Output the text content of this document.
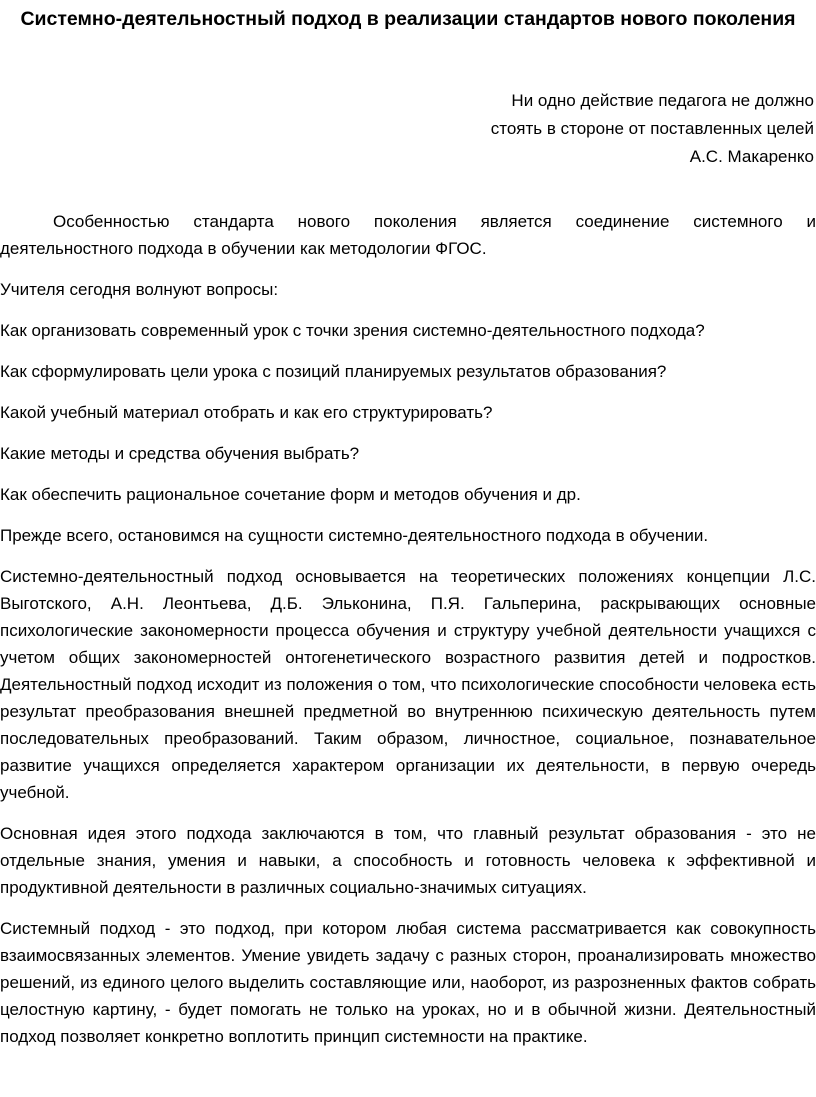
Системно-деятельностный подход в реализации стандартов нового поколения
Ни одно действие педагога не должно
стоять в стороне от поставленных целей
А.С. Макаренко

Особенностью стандарта нового поколения является соединение системного и деятельностного подхода в обучении как методологии ФГОС.

Учителя сегодня волнуют вопросы:

Как организовать современный урок с точки зрения системно-деятельностного подхода?

Как сформулировать цели урока с позиций планируемых результатов образования?

Какой учебный материал отобрать и как его структурировать?

Какие методы и средства обучения выбрать?

Как обеспечить рациональное сочетание форм и методов обучения и др.

Прежде всего, остановимся на сущности системно-деятельностного подхода в обучении.

Системно-деятельностный подход основывается на теоретических положениях концепции Л.С. Выготского, А.Н. Леонтьева, Д.Б. Эльконина, П.Я. Гальперина, раскрывающих основные психологические закономерности процесса обучения и структуру учебной деятельности учащихся с учетом общих закономерностей онтогенетического возрастного развития детей и подростков. Деятельностный подход исходит из положения о том, что психологические способности человека есть результат преобразования внешней предметной во внутреннюю психическую деятельность путем последовательных преобразований. Таким образом, личностное, социальное, познавательное развитие учащихся определяется характером организации их деятельности, в первую очередь учебной.

Основная идея этого подхода заключаются в том, что главный результат образования - это не отдельные знания, умения и навыки, а способность и готовность человека к эффективной и продуктивной деятельности в различных социально-значимых ситуациях.

Системный подход - это подход, при котором любая система рассматривается как совокупность взаимосвязанных элементов. Умение увидеть задачу с разных сторон, проанализировать множество решений, из единого целого выделить составляющие или, наоборот, из разрозненных фактов собрать целостную картину, - будет помогать не только на уроках, но и в обычной жизни. Деятельностный подход позволяет конкретно воплотить принцип системности на практике.
